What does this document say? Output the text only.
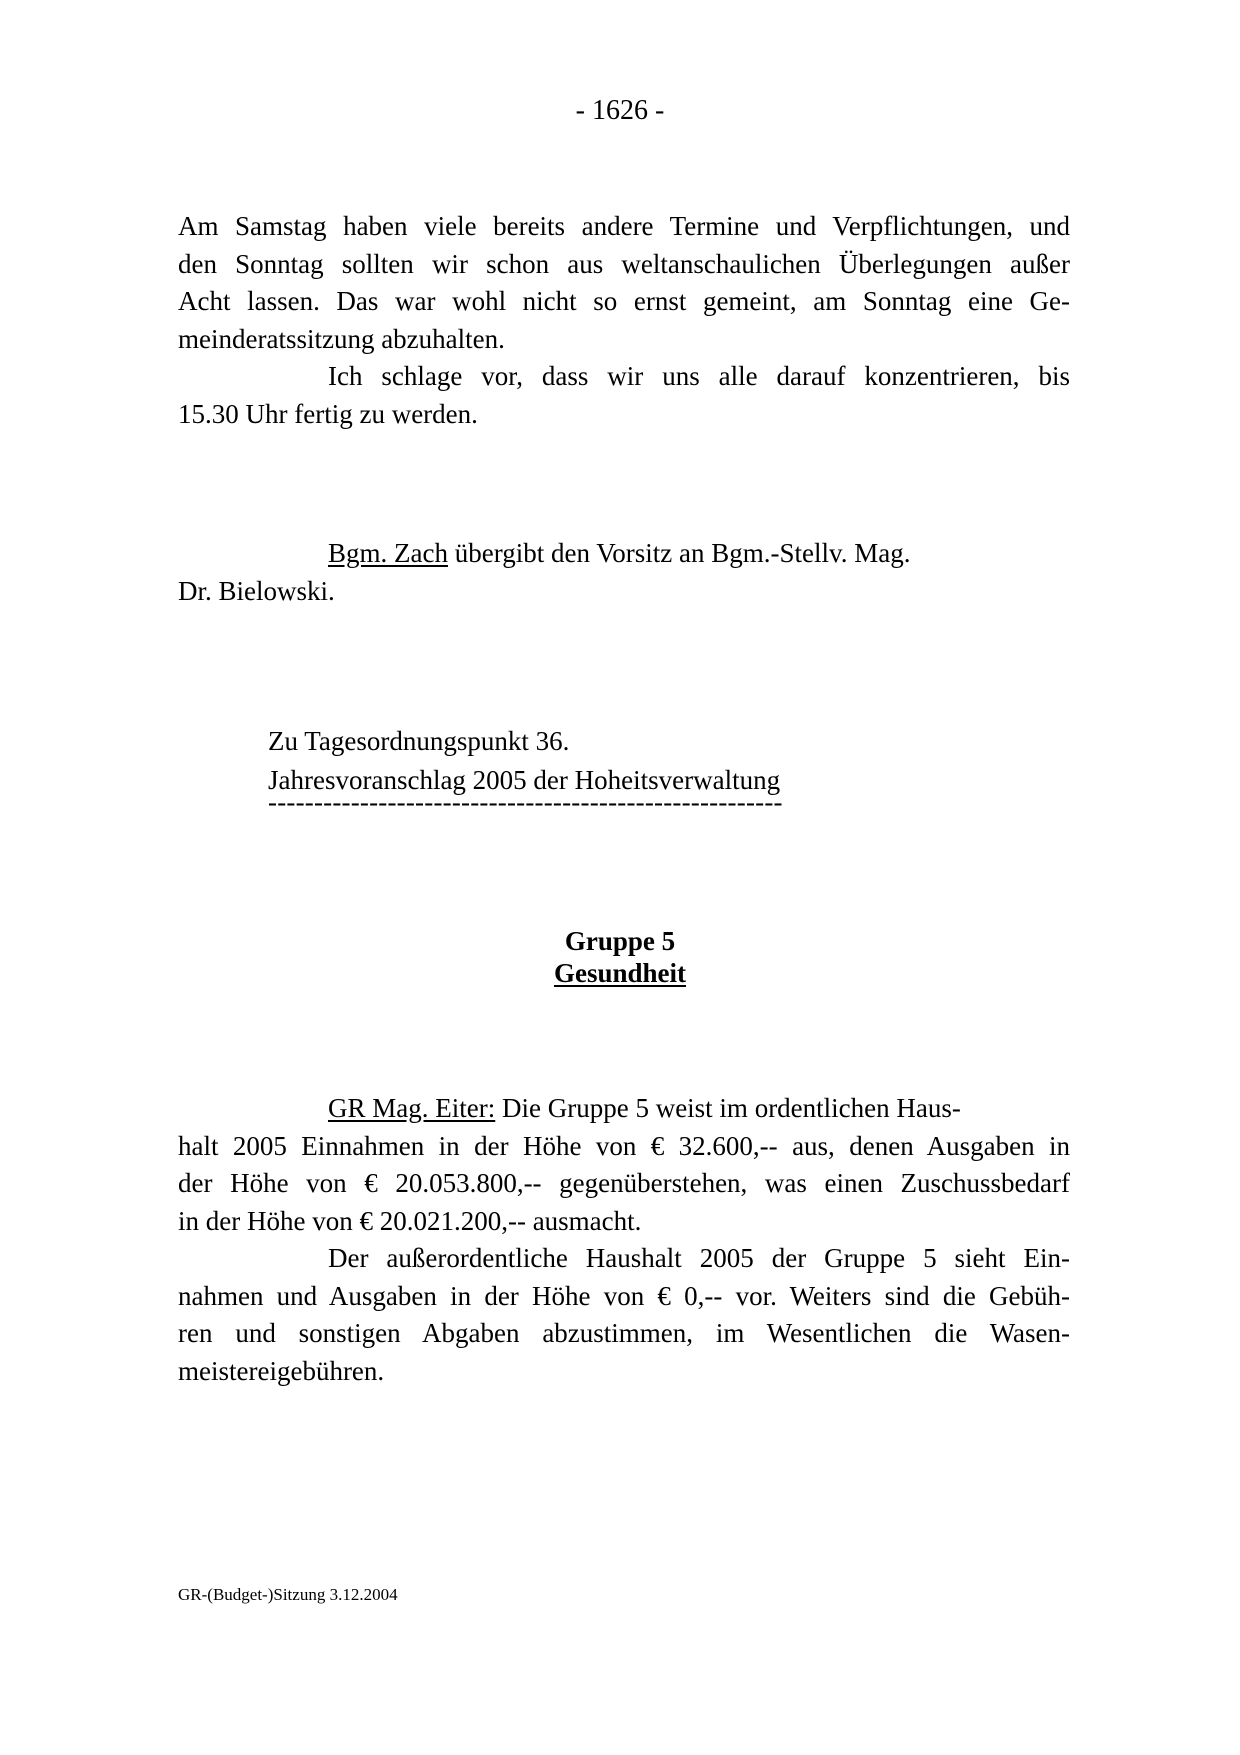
- 1626 -
Am Samstag haben viele bereits andere Termine und Verpflichtungen, und
den Sonntag sollten wir schon aus weltanschaulichen Überlegungen außer
Acht lassen. Das war wohl nicht so ernst gemeint, am Sonntag eine Ge-
meinderatssitzung abzuhalten.
Ich schlage vor, dass wir uns alle darauf konzentrieren, bis
15.30 Uhr fertig zu werden.
Bgm. Zach übergibt den Vorsitz an Bgm.-Stellv. Mag.
Dr. Bielowski.
Zu Tagesordnungspunkt 36.
Jahresvoranschlag 2005 der Hoheitsverwaltung
--------------------------------------------------------
Gruppe 5
Gesundheit
GR Mag. Eiter: Die Gruppe 5 weist im ordentlichen Haus-
halt 2005 Einnahmen in der Höhe von € 32.600,-- aus, denen Ausgaben in
der Höhe von € 20.053.800,-- gegenüberstehen, was einen Zuschussbedarf
in der Höhe von € 20.021.200,-- ausmacht.
Der außerordentliche Haushalt 2005 der Gruppe 5 sieht Ein-
nahmen und Ausgaben in der Höhe von € 0,-- vor. Weiters sind die Gebüh-
ren und sonstigen Abgaben abzustimmen, im Wesentlichen die Wasen-
meistereigebühren.
GR-(Budget-)Sitzung 3.12.2004
